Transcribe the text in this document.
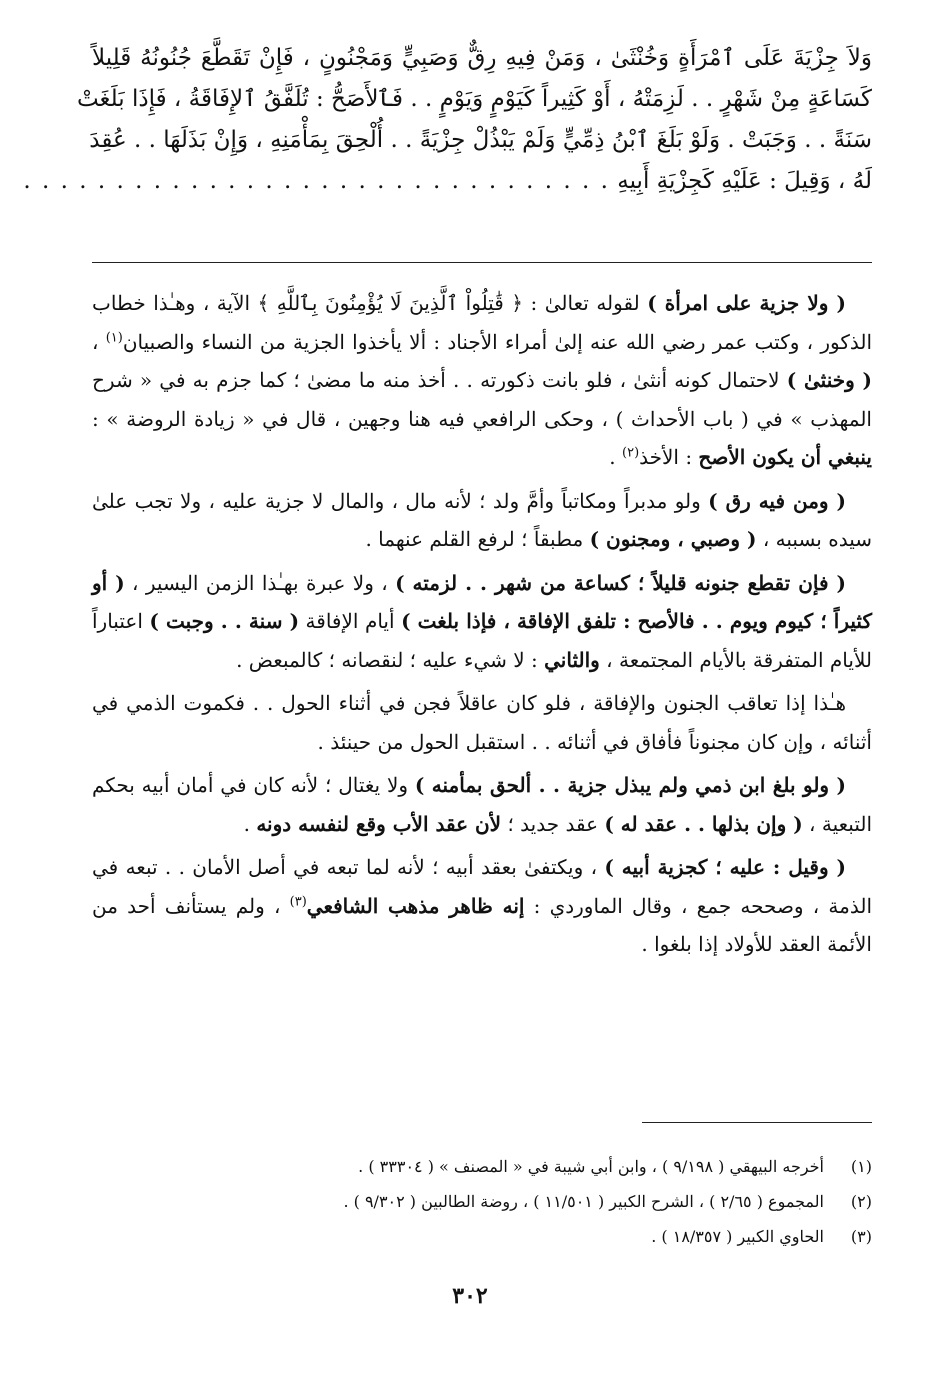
وَلاَ جِزْيَةَ عَلَى ٱمْرَأَةٍ وَخُنْثَىٰ ، وَمَنْ فِيهِ رِقٌّ وَصَبِيٍّ وَمَجْنُونٍ ، فَإِنْ تَقَطَّعَ جُنُونُهُ قَلِيلاً
كَسَاعَةٍ مِنْ شَهْرٍ . . لَزِمَتْهُ ، أَوْ كَثِيراً كَيَوْمٍ وَيَوْمٍ . . فَٱلأَصَحُّ : تُلَفَّقُ ٱلإِفَاقَةُ ، فَإِذَا بَلَغَتْ
سَنَةً . . وَجَبَتْ . وَلَوْ بَلَغَ ٱبْنُ ذِمِّيٍّ وَلَمْ يَبْذُلْ جِزْيَةً . . أُلْحِقَ بِمَأْمَنِهِ ، وَإِنْ بَذَلَهَا . . عُقِدَ
لَهُ ، وَقِيلَ : عَلَيْهِ كَجِزْيَةِ أَبِيهِ . . . . . . . . . . . . . . . . . . . . . . . . . . . . . . . .

( ولا جزية على امرأة ) لقوله تعالىٰ : ﴿ قَٰتِلُواْ ٱلَّذِينَ لَا يُؤْمِنُونَ بِٱللَّهِ ﴾ الآية ، وهـٰذا خطاب الذكور ، وكتب عمر رضي الله عنه إلىٰ أمراء الأجناد : ألا يأخذوا الجزية من النساء والصبيان$^{(١)}$ ، ( وخنثىٰ ) لاحتمال كونه أنثىٰ ، فلو بانت ذكورته . . أخذ منه ما مضىٰ ؛ كما جزم به في « شرح المهذب » في ( باب الأحداث ) ، وحكى الرافعي فيه هنا وجهين ، قال في « زيادة الروضة » : ينبغي أن يكون الأصح : الأخذ$^{(٢)}$ .

( ومن فيه رق ) ولو مدبراً ومكاتباً وأمَّ ولد ؛ لأنه مال ، والمال لا جزية عليه ، ولا تجب علىٰ سيده بسببه ، ( وصبي ، ومجنون ) مطبقاً ؛ لرفع القلم عنهما .

( فإن تقطع جنونه قليلاً ؛ كساعة من شهر . . لزمته ) ، ولا عبرة بهـٰذا الزمن اليسير ، ( أو كثيراً ؛ كيوم ويوم . . فالأصح : تلفق الإفاقة ، فإذا بلغت ) أيام الإفاقة ( سنة . . وجبت ) اعتباراً للأيام المتفرقة بالأيام المجتمعة ، والثاني : لا شيء عليه ؛ لنقصانه ؛ كالمبعض .

هـٰذا إذا تعاقب الجنون والإفاقة ، فلو كان عاقلاً فجن في أثناء الحول . . فكموت الذمي في أثنائه ، وإن كان مجنوناً فأفاق في أثنائه . . استقبل الحول من حينئذ .

( ولو بلغ ابن ذمي ولم يبذل جزية . . ألحق بمأمنه ) ولا يغتال ؛ لأنه كان في أمان أبيه بحكم التبعية ، ( وإن بذلها . . عقد له ) عقد جديد ؛ لأن عقد الأب وقع لنفسه دونه .

( وقيل : عليه ؛ كجزية أبيه ) ، ويكتفىٰ بعقد أبيه ؛ لأنه لما تبعه في أصل الأمان . . تبعه في الذمة ، وصححه جمع ، وقال الماوردي : إنه ظاهر مذهب الشافعي$^{(٣)}$ ، ولم يستأنف أحد من الأئمة العقد للأولاد إذا بلغوا .

(١)
أخرجه البيهقي ( ٩/١٩٨ ) ، وابن أبي شيبة في « المصنف » ( ٣٣٣٠٤ ) .
(٢)
المجموع ( ٢/٦٥ ) ، الشرح الكبير ( ١١/٥٠١ ) ، روضة الطالبين ( ٩/٣٠٢ ) .
(٣)
الحاوي الكبير ( ١٨/٣٥٧ ) .
٣٠٢
